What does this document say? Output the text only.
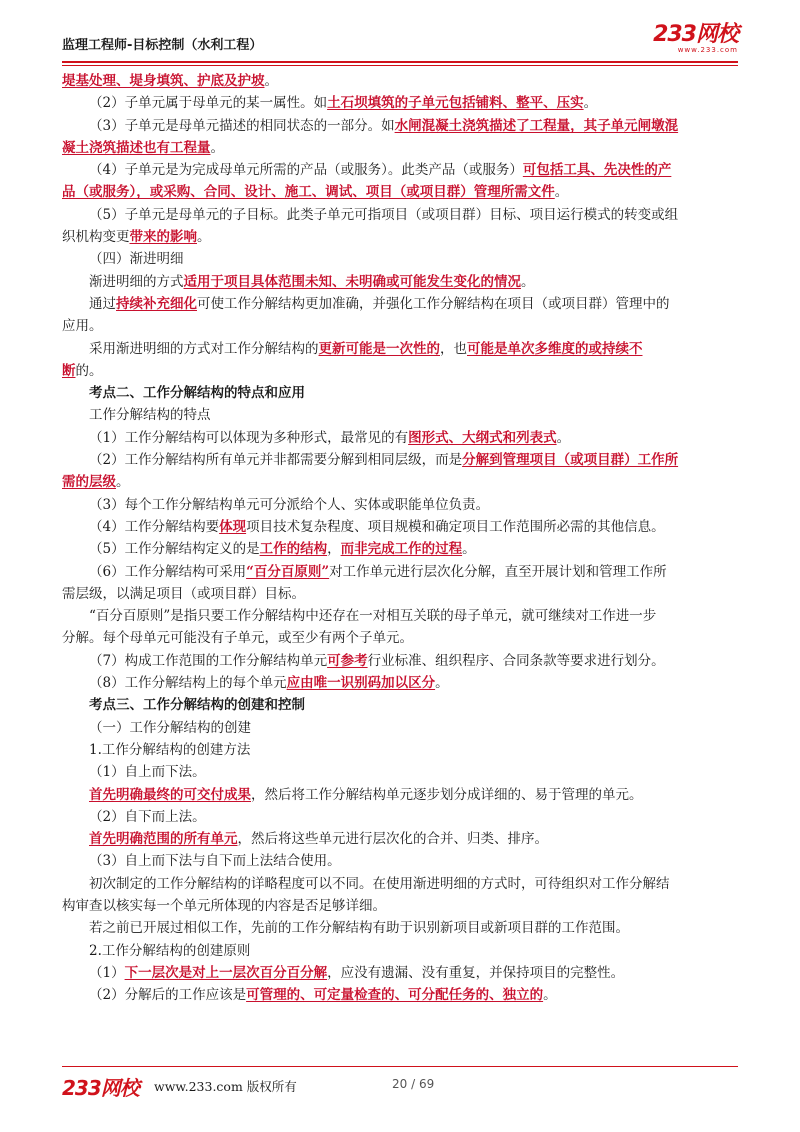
监理工程师-目标控制（水利工程）	233网校
www.233.com
堤基处理、堤身填筑、护底及护坡。
（2）子单元属于母单元的某一属性。如土石坝填筑的子单元包括铺料、整平、压实。
（3）子单元是母单元描述的相同状态的一部分。如水闸混凝土浇筑描述了工程量，其子单元闸墩混
凝土浇筑描述也有工程量。
（4）子单元是为完成母单元所需的产品（或服务）。此类产品（或服务）可包括工具、先决性的产
品（或服务），或采购、合同、设计、施工、调试、项目（或项目群）管理所需文件。
（5）子单元是母单元的子目标。此类子单元可指项目（或项目群）目标、项目运行模式的转变或组
织机构变更带来的影响。
（四）渐进明细
渐进明细的方式适用于项目具体范围未知、未明确或可能发生变化的情况。
通过持续补充细化可使工作分解结构更加准确，并强化工作分解结构在项目（或项目群）管理中的
应用。
采用渐进明细的方式对工作分解结构的更新可能是一次性的，也可能是单次多维度的或持续不
断的。
考点二、工作分解结构的特点和应用
工作分解结构的特点
（1）工作分解结构可以体现为多种形式，最常见的有图形式、大纲式和列表式。
（2）工作分解结构所有单元并非都需要分解到相同层级，而是分解到管理项目（或项目群）工作所
需的层级。
（3）每个工作分解结构单元可分派给个人、实体或职能单位负责。
（4）工作分解结构要体现项目技术复杂程度、项目规模和确定项目工作范围所必需的其他信息。
（5）工作分解结构定义的是工作的结构，而非完成工作的过程。
（6）工作分解结构可采用“百分百原则”对工作单元进行层次化分解，直至开展计划和管理工作所
需层级，以满足项目（或项目群）目标。
“百分百原则”是指只要工作分解结构中还存在一对相互关联的母子单元，就可继续对工作进一步
分解。每个母单元可能没有子单元，或至少有两个子单元。
（7）构成工作范围的工作分解结构单元可参考行业标准、组织程序、合同条款等要求进行划分。
（8）工作分解结构上的每个单元应由唯一识别码加以区分。
考点三、工作分解结构的创建和控制
（一）工作分解结构的创建
1.工作分解结构的创建方法
（1）自上而下法。
首先明确最终的可交付成果，然后将工作分解结构单元逐步划分成详细的、易于管理的单元。
（2）自下而上法。
首先明确范围的所有单元，然后将这些单元进行层次化的合并、归类、排序。
（3）自上而下法与自下而上法结合使用。
初次制定的工作分解结构的详略程度可以不同。在使用渐进明细的方式时，可待组织对工作分解结
构审查以核实每一个单元所体现的内容是否足够详细。
若之前已开展过相似工作，先前的工作分解结构有助于识别新项目或新项目群的工作范围。
2.工作分解结构的创建原则
（1）下一层次是对上一层次百分百分解，应没有遗漏、没有重复，并保持项目的完整性。
（2）分解后的工作应该是可管理的、可定量检查的、可分配任务的、独立的。
233网校 www.233.com 版权所有	20 / 69
